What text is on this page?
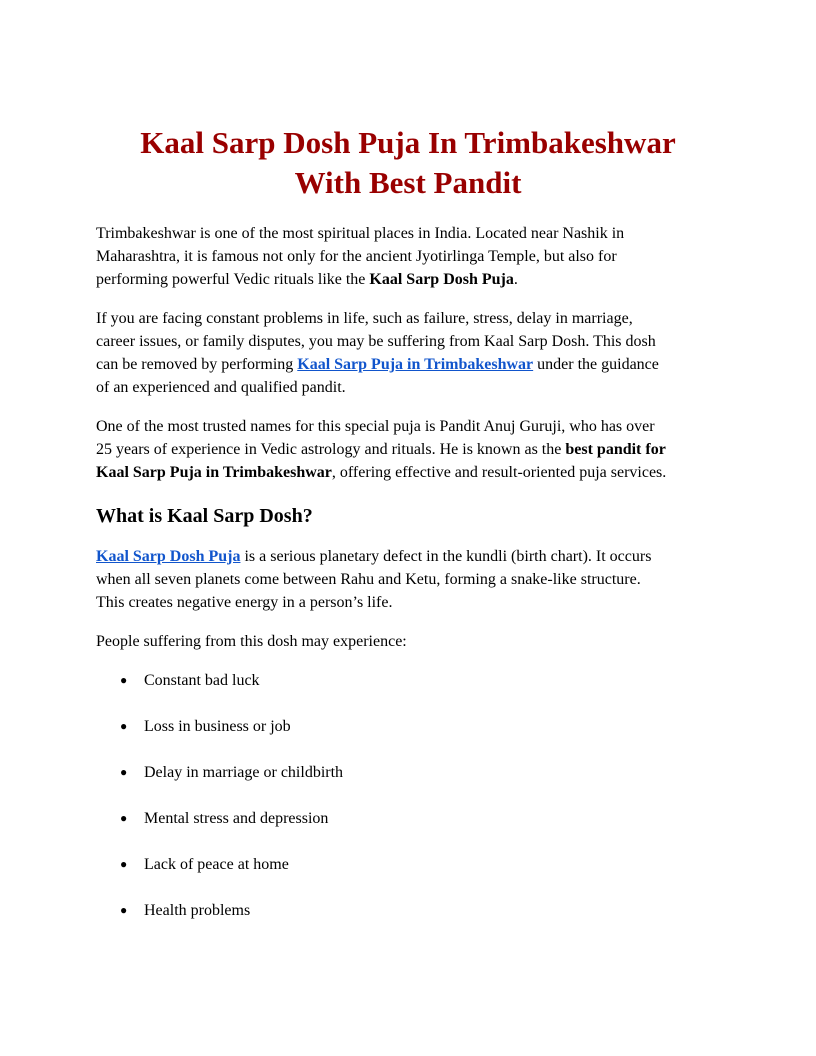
Kaal Sarp Dosh Puja In Trimbakeshwar
With Best Pandit

Trimbakeshwar is one of the most spiritual places in India. Located near Nashik in
Maharashtra, it is famous not only for the ancient Jyotirlinga Temple, but also for
performing powerful Vedic rituals like the Kaal Sarp Dosh Puja.

If you are facing constant problems in life, such as failure, stress, delay in marriage,
career issues, or family disputes, you may be suffering from Kaal Sarp Dosh. This dosh
can be removed by performing Kaal Sarp Puja in Trimbakeshwar under the guidance
of an experienced and qualified pandit.

One of the most trusted names for this special puja is Pandit Anuj Guruji, who has over
25 years of experience in Vedic astrology and rituals. He is known as the best pandit for
Kaal Sarp Puja in Trimbakeshwar, offering effective and result-oriented puja services.

What is Kaal Sarp Dosh?

Kaal Sarp Dosh Puja is a serious planetary defect in the kundli (birth chart). It occurs
when all seven planets come between Rahu and Ketu, forming a snake-like structure.
This creates negative energy in a person’s life.

People suffering from this dosh may experience:

● Constant bad luck
● Loss in business or job
● Delay in marriage or childbirth
● Mental stress and depression
● Lack of peace at home
● Health problems
